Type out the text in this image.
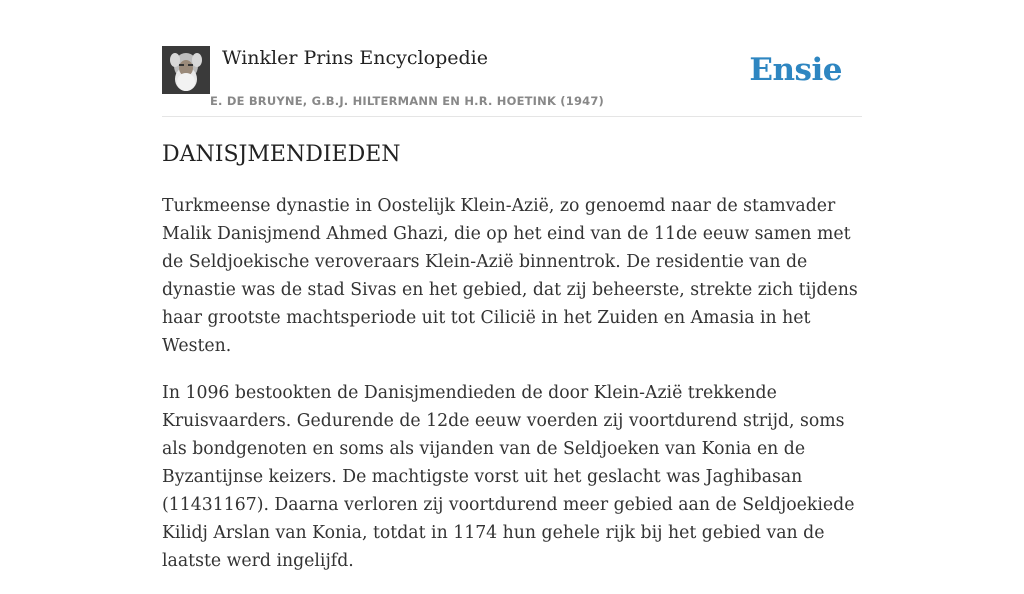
Winkler Prins Encyclopedie
E. DE BRUYNE, G.B.J. HILTERMANN EN H.R. HOETINK (1947)
Ensie
DANISJMENDIEDEN

Turkmeense dynastie in Oostelijk Klein-Azië, zo genoemd naar de stamvader Malik Danisjmend Ahmed Ghazi, die op het eind van de 11de eeuw samen met de Seldjoekische veroveraars Klein-Azië binnentrok. De residentie van de dynastie was de stad Sivas en het gebied, dat zij beheerste, strekte zich tijdens haar grootste machtsperiode uit tot Cilicië in het Zuiden en Amasia in het Westen.

In 1096 bestookten de Danisjmendieden de door Klein-Azië trekkende Kruisvaarders. Gedurende de 12de eeuw voerden zij voortdurend strijd, soms als bondgenoten en soms als vijanden van de Seldjoeken van Konia en de Byzantijnse keizers. De machtigste vorst uit het geslacht was Jaghibasan (11431167). Daarna verloren zij voortdurend meer gebied aan de Seldjoekiede Kilidj Arslan van Konia, totdat in 1174 hun gehele rijk bij het gebied van de laatste werd ingelijfd.
